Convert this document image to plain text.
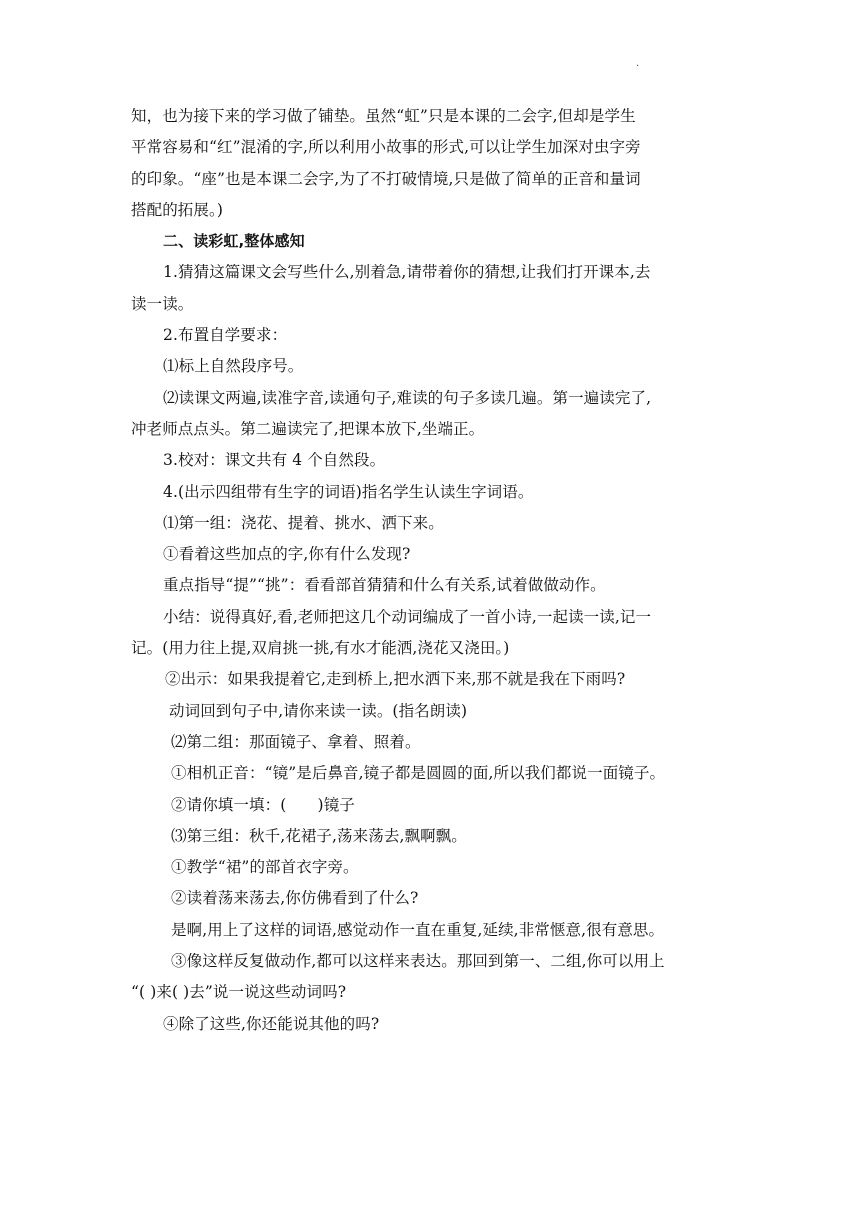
.
知，也为接下来的学习做了铺垫。虽然“虹”只是本课的二会字,但却是学生
平常容易和“红”混淆的字,所以利用小故事的形式,可以让学生加深对虫字旁
的印象。“座”也是本课二会字,为了不打破情境,只是做了简单的正音和量词
搭配的拓展。)
二、读彩虹,整体感知
1.猜猜这篇课文会写些什么,别着急,请带着你的猜想,让我们打开课本,去
读一读。
2.布置自学要求：
⑴标上自然段序号。
⑵读课文两遍,读准字音,读通句子,难读的句子多读几遍。第一遍读完了,
冲老师点点头。第二遍读完了,把课本放下,坐端正。
3.校对：课文共有 4 个自然段。
4.(出示四组带有生字的词语)指名学生认读生字词语。
⑴第一组：浇花、提着、挑水、洒下来。
①看着这些加点的字,你有什么发现?
重点指导“提”“挑”：看看部首猜猜和什么有关系,试着做做动作。
小结：说得真好,看,老师把这几个动词编成了一首小诗,一起读一读,记一
记。(用力往上提,双肩挑一挑,有水才能洒,浇花又浇田。)
②出示：如果我提着它,走到桥上,把水洒下来,那不就是我在下雨吗?
动词回到句子中,请你来读一读。(指名朗读)
⑵第二组：那面镜子、拿着、照着。
①相机正音：“镜”是后鼻音,镜子都是圆圆的面,所以我们都说一面镜子。
②请你填一填：(　　)镜子
⑶第三组：秋千,花裙子,荡来荡去,飘啊飘。
①教学“裙”的部首衣字旁。
②读着荡来荡去,你仿佛看到了什么?
是啊,用上了这样的词语,感觉动作一直在重复,延续,非常惬意,很有意思。
③像这样反复做动作,都可以这样来表达。那回到第一、二组,你可以用上
“( )来( )去”说一说这些动词吗?
④除了这些,你还能说其他的吗?
